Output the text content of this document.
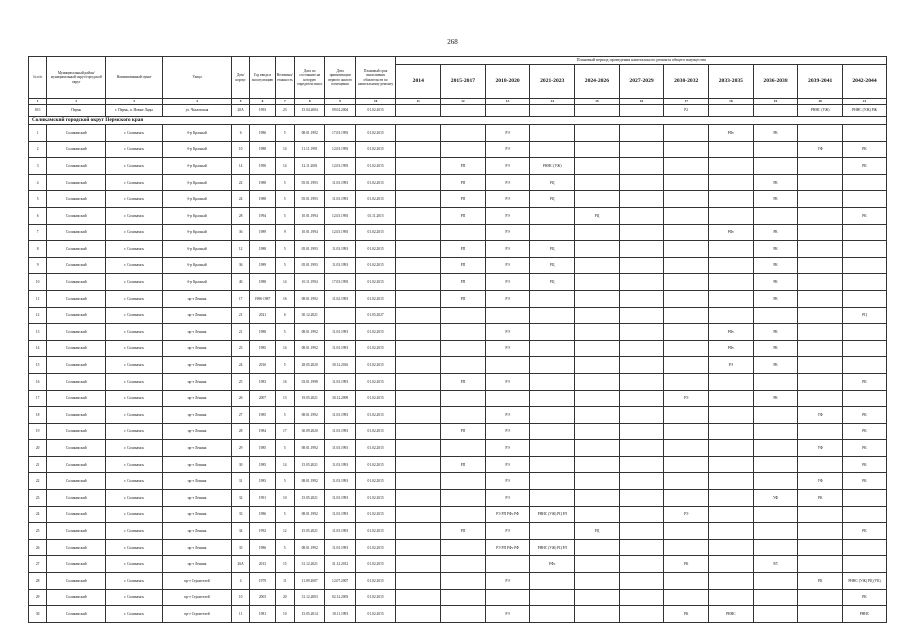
268
№ п/п	Муниципальный район/муниципальный округ/городской округ	Наименованный пункт	Улица	Дом/корпус	Год ввода в эксплуатацию	Величина/этажность	Дата по состоянию на которую определен износ	Дата приватизации первого жилого помещения	Плановый срок выполнения обязательств по капитальному ремонту	Плановый период проведения капитального ремонта общего имущества										
										2014	2015-2017	2018-2020	2021-2023	2024-2026	2027-2029	2030-2032	2033-2035	2036-2038	2039-2041	2042-2044
1	2	3	4	5	6	7	8	9	10	11	12	13	14	15	16	17	18	19	20	21
10/1	Пермь	г. Пермь, п. Новые Ляды	ул. Чкаловская	20А	1993	23	15.04.2004	09.02.2004	01.02.2015							Р2			РННС (УЖ)	РННС (УЖ) РЖ
Соликамский городской округ Пермского края																				
1	Соликамский	г. Соликамск	б-р Красный	6	1986	5	08.01.1992	17.03.1993	01.02.2015			РЭ					РФс	РК		
2	Соликамский	г. Соликамск	б-р Красный	10	1988	14	11.11.1991	12.03.1993	01.02.2015			РЭ							УФ	РК
3	Соликамский	г. Соликамск	б-р Красный	14	1990	14	12.11.2001	12.03.1993	01.02.2015		РП	РЭ	РННС (УЖ)							РК
4	Соликамский	г. Соликамск	б-р Красный	22	1988	5	05.01.1993	11.03.1993	01.02.2015		РП	РЭ	РЦ					РК		
5	Соликамский	г. Соликамск	б-р Красный	24	1988	5	05.01.1993	11.03.1993	01.02.2015		РП	РЭ	РЦ					РК		
6	Соликамский	г. Соликамск	б-р Красный	28	1994	5	10.01.1994	12.03.1993	01.11.2015		РП	РЭ		РЦ						РК
7	Соликамский	г. Соликамск	б-р Красный	36	1989	9	10.01.1994	12.03.1993	01.02.2015			РЭ					РФс	РК		
8	Соликамский	г. Соликамск	б-р Красный	12	1988	5	05.01.1993	11.03.1993	01.02.2015		РП	РЭ	РЦ					РК		
9	Соликамский	г. Соликамск	б-р Красный	36	1989	5	05.01.1993	11.03.1993	01.02.2015		РП	РЭ	РЦ					РК		
10	Соликамский	г. Соликамск	б-р Красный	40	1988	14	10.11.1994	17.03.1993	01.02.2015		РП	РЭ	РЦ					РК		
11	Соликамский	г. Соликамск	пр-т Ленина	17	1986-1987	16	08.01.1992	11.02.1993	01.02.2015		РП	РЭ						РК		
12	Соликамский	г. Соликамск	пр-т Ленина	21	2021	6	30.12.2021		01.05.2027											РЦ
13	Соликамский	г. Соликамск	пр-т Ленина	21	1988	5	08.01.1992	11.03.1993	01.02.2015			РЭ					РФс	РК		
14	Соликамский	г. Соликамск	пр-т Ленина	23	1985	14	08.01.1992	11.03.1993	01.02.2015			РЭ					РФс	РК		
15	Соликамский	г. Соликамск	пр-т Ленина	24	2016	5	28.05.2020	30.12.2016	01.02.2015								РЭ	РК		
16	Соликамский	г. Соликамск	пр-т Ленина	25	1983	16	03.01.1998	11.03.1993	01.02.2015		РП	РЭ								РК
17	Соликамский	г. Соликамск	пр-т Ленина	26	2007	13	19.05.2021	30.12.2009	01.02.2015							РЭ		РК		
18	Соликамский	г. Соликамск	пр-т Ленина	27	1985	5	08.01.1992	11.03.1993	01.02.2015			РЭ							УФ	РК
19	Соликамский	г. Соликамск	пр-т Ленина	28	1984	17	30.09.2020	11.03.1993	01.02.2015		РП	РЭ								РК
20	Соликамский	г. Соликамск	пр-т Ленина	29	1985	5	08.01.1992	11.03.1993	01.02.2015			РЭ							УФ	РК
21	Соликамский	г. Соликамск	пр-т Ленина	30	1985	14	15.05.2021	11.03.1993	01.02.2015		РП	РЭ								РК
22	Соликамский	г. Соликамск	пр-т Ленина	31	1983	5	08.01.1992	11.03.1993	01.02.2015			РЭ							УФ	РК
23	Соликамский	г. Соликамск	пр-т Ленина	32	1991	10	15.05.2021	11.03.1993	01.02.2015			РЭ						УФ	РК	
24	Соликамский	г. Соликамск	пр-т Ленина	33	1986	5	08.01.1992	11.03.1993	01.02.2015			РЭ РП РФс РФ	РННС (УЖ) РЦ РЛ			РЭ				
25	Соликамский	г. Соликамск	пр-т Ленина	34	1992	12	15.05.2021	11.03.1993	01.02.2015		РП	РЭ		РЦ						РК
26	Соликамский	г. Соликамск	пр-т Ленина	35	1986	5	08.01.1992	11.03.1993	01.02.2015			РЭ РП РФс РФ	РННС (УЖ) РЦ РЛ							
27	Соликамский	г. Соликамск	пр-т Ленина	26А	2013	15	31.12.2021	31.12.2012	01.02.2015				РФс			РК		РЛ		
28	Соликамский	г. Соликамск	пр-т Строителей	4	1979	11	11.09.2007	12.07.2007	01.02.2015			РЭ							РК	РННС (УЖ) РЦ (УК)
29	Соликамский	г. Соликамск	пр-т Строителей	10	2003	20	31.12.2003	02.12.2003	01.02.2015											РК
30	Соликамский	г. Соликамск	пр-т Строителей	11	1981	10	15.05.2014	18.11.1993	01.02.2015			РЭ				РК	РННС			РННС
